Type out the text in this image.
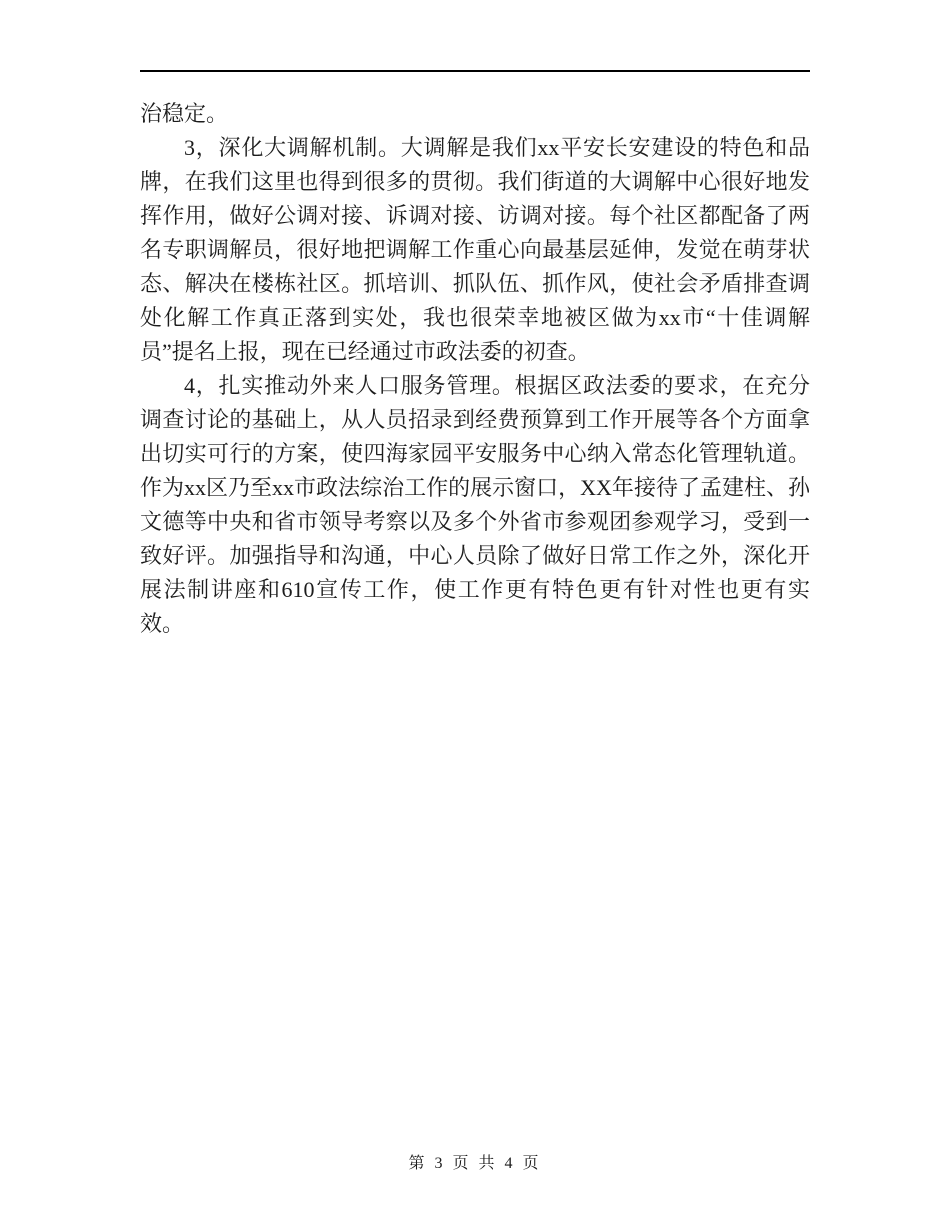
治稳定。

3，深化大调解机制。大调解是我们xx平安长安建设的特色和品牌，在我们这里也得到很多的贯彻。我们街道的大调解中心很好地发挥作用，做好公调对接、诉调对接、访调对接。每个社区都配备了两名专职调解员，很好地把调解工作重心向最基层延伸，发觉在萌芽状态、解决在楼栋社区。抓培训、抓队伍、抓作风，使社会矛盾排查调处化解工作真正落到实处，我也很荣幸地被区做为xx市“十佳调解员”提名上报，现在已经通过市政法委的初查。

4，扎实推动外来人口服务管理。根据区政法委的要求，在充分调查讨论的基础上，从人员招录到经费预算到工作开展等各个方面拿出切实可行的方案，使四海家园平安服务中心纳入常态化管理轨道。作为xx区乃至xx市政法综治工作的展示窗口，XX年接待了孟建柱、孙文德等中央和省市领导考察以及多个外省市参观团参观学习，受到一致好评。加强指导和沟通，中心人员除了做好日常工作之外，深化开展法制讲座和610宣传工作，使工作更有特色更有针对性也更有实效。

第 3 页 共 4 页
